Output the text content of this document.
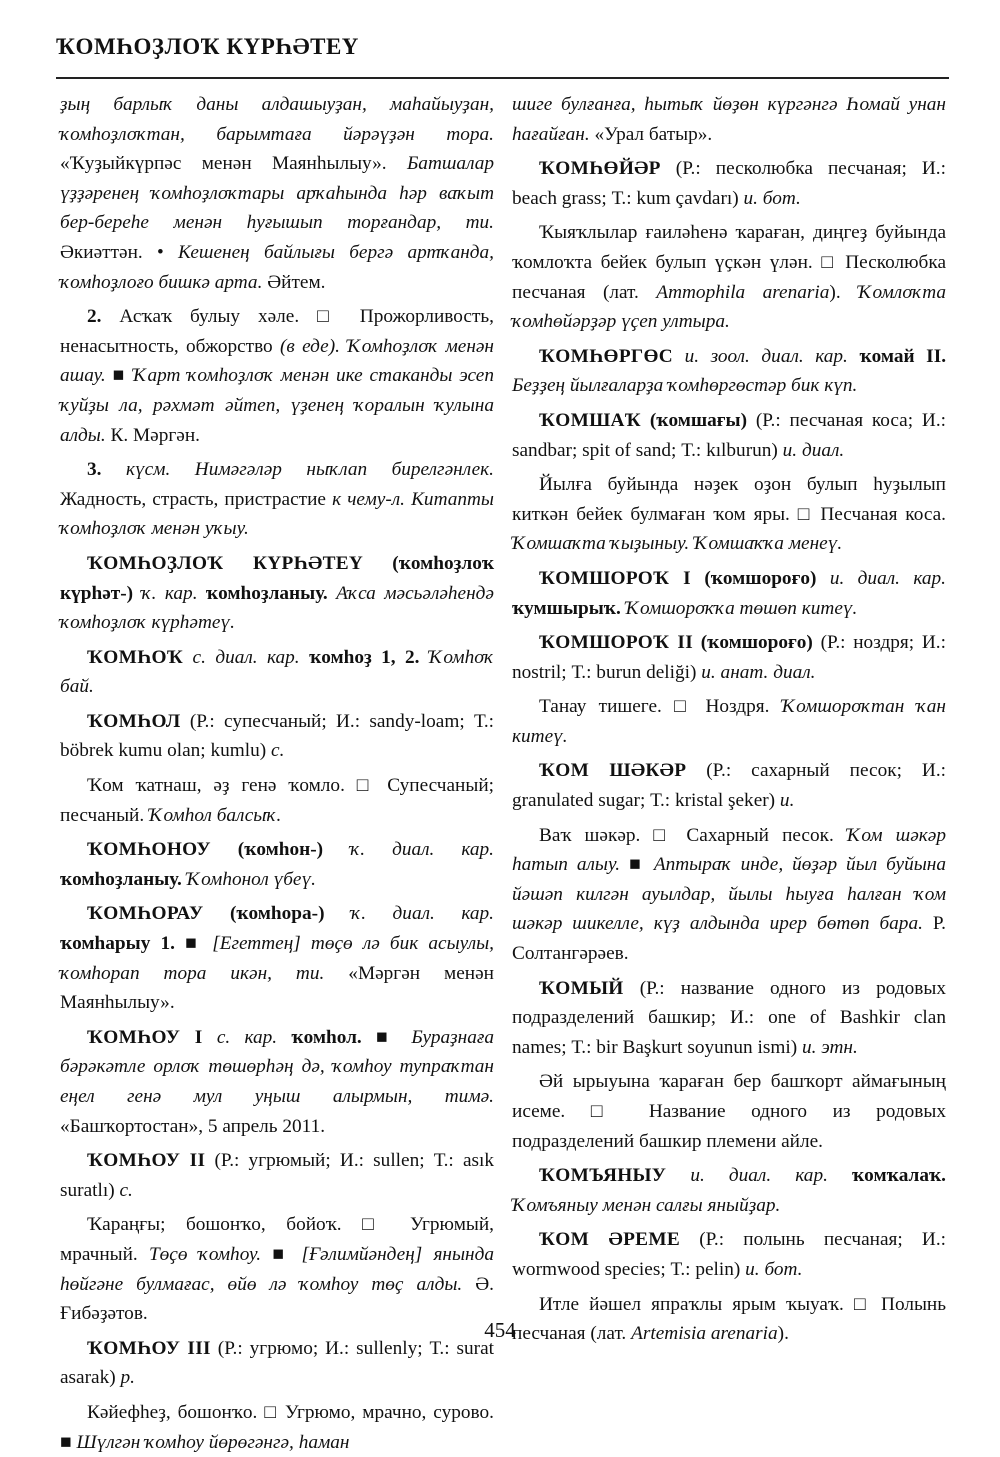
ҠОМҺОҘЛОҠ КҮРҺӘТЕҮ

ҙың барлыҡ даны алдашыуҙан, маһайыуҙан, ҡомһоҙлоҡтан, барымтаға йәрәүҙән тора. «Ҡуҙыйкүрпәс менән Маянһылыу». Батшалар үҙҙәренең ҡомһоҙлоҡтары арҡаһында һәр ваҡыт бер-береһе менән һуғышып торғандар, ти. Әкиәттән. • Кешенең байлығы бергә артҡанда, ҡомһоҙлоғо бишкә арта. Әйтем.

2. Асҡаҡ булыу хәле. □ Прожорливость, ненасытность, обжорство (в еде). Ҡомһоҙлоҡ менән ашау. ■ Ҡарт ҡомһоҙлоҡ менән ике стаканды эсеп ҡуйҙы ла, рәхмәт әйтеп, үҙенең ҡоралын ҡулына алды. К. Мәргән.

3. күсм. Нимәгәләр ныҡлап бирелгәнлек. Жадность, страсть, пристрастие к чему-л. Китапты ҡомһоҙлоҡ менән уҡыу.

ҠОМҺОҘЛОҠ КҮРҺӘТЕҮ (ҡомһоҙлоҡ күрһәт-) ҡ. кар. ҡомһоҙланыу. Аҡса мәсьәләһендә ҡомһоҙлоҡ күрһәтеү.

ҠОМҺОҠ с. диал. кар. ҡомһоҙ 1, 2. Ҡомһоҡ бай.

ҠОМҺОЛ (Р.: супесчаный; И.: sandy-loam; Т.: böbrek kumu olan; kumlu) с.

Ҡом ҡатнаш, әҙ генә ҡомло. □ Супесчаный; песчаный. Ҡомһол балсыҡ.

ҠОМҺОНОУ (ҡомһон-) ҡ. диал. кар. ҡомһоҙланыу. Ҡомһонол үбеү.

ҠОМҺОРАУ (ҡомһора-) ҡ. диал. кар. ҡомһарыу 1. ■ [Егеттең] төҫө лә бик асыулы, ҡомһорап тора икән, ти. «Мәргән менән Маянһылыу».

ҠОМҺОУ I с. кар. ҡомһол. ■ Бураҙнаға бәрәкәтле орлоҡ төшөрһәң дә, ҡомһоу тупраҡтан еңел генә мул уңыш алырмын, тимә. «Башҡортостан», 5 апрель 2011.

ҠОМҺОУ II (Р.: угрюмый; И.: sullen; Т.: asık suratlı) с.

Ҡараңғы; бошонҡо, бойоҡ. □ Угрюмый, мрачный. Төҫө ҡомһоу. ■ [Ғәлимйәндең] янында һөйгәне булмағас, өйө лә ҡомһоу төҫ алды. Ә. Ғибәҙәтов.

ҠОМҺОУ III (Р.: угрюмо; И.: sullenly; Т.: surat asarak) р.

Кәйефһеҙ, бошонҡо. □ Угрюмо, мрачно, сурово. ■ Шүлгән ҡомһоу йөрөгәнгә, һаман

шиге булғанға, һытыҡ йөҙөн күргәнгә Һомай унан һағайған. «Урал батыр».

ҠОМҺӨЙӘР (Р.: песколюбка песчаная; И.: beach grass; Т.: kum çavdarı) и. бот.

Ҡыяҡлылар ғаиләһенә ҡараған, диңгеҙ буйында ҡомлоҡта бейек булып үҫкән үлән. □ Песколюбка песчаная (лат. Ammophila arenaria). Ҡомлоҡта ҡомһөйәрҙәр үҫеп ултыра.

ҠОМҺӨРГӨС и. зоол. диал. кар. ҡомай II. Беҙҙең йылғаларҙа ҡомһөргөстәр бик күп.

ҠОМШАҠ (ҡомшағы) (Р.: песчаная коса; И.: sandbar; spit of sand; Т.: kılburun) и. диал.

Йылға буйында нәҙек оҙон булып һуҙылып киткән бейек булмаған ҡом яры. □ Песчаная коса. Ҡомшаҡта ҡыҙыныу. Ҡомшаҡҡа менеү.

ҠОМШОРОҠ I (ҡомшороғо) и. диал. кар. ҡумшырыҡ. Ҡомшороҡҡа төшөп китеү.

ҠОМШОРОҠ II (ҡомшороғо) (Р.: ноздря; И.: nostril; Т.: burun deliği) и. анат. диал.

Танау тишеге. □ Ноздря. Ҡомшороҡтан ҡан китеү.

ҠОМ ШӘКӘР (Р.: сахарный песок; И.: granulated sugar; Т.: kristal şeker) и.

Ваҡ шәкәр. □ Сахарный песок. Ҡом шәкәр һатып алыу. ■ Аптыраҡ инде, йөҙәр йыл буйына йәшәп килгән ауылдар, йылы һыуға һалған ҡом шәкәр шикелле, күҙ алдында ирер бөтөп бара. Р. Солтангәрәев.

ҠОМЫЙ (Р.: название одного из родовых подразделений башкир; И.: one of Bashkir clan names; Т.: bir Başkurt soyunun ismi) и. этн.

Әй ырыуына ҡараған бер башҡорт аймағының исеме. □ Название одного из родовых подразделений башкир племени айле.

ҠОМЪЯНЫУ и. диал. кар. ҡомҡалаҡ. Ҡомъяныу менән салғы яныйҙар.

ҠОМ ӘРЕМЕ (Р.: полынь песчаная; И.: wormwood species; Т.: pelin) и. бот.

Итле йәшел япраҡлы ярым ҡыуаҡ. □ Полынь песчаная (лат. Artemisia arenaria).

454
